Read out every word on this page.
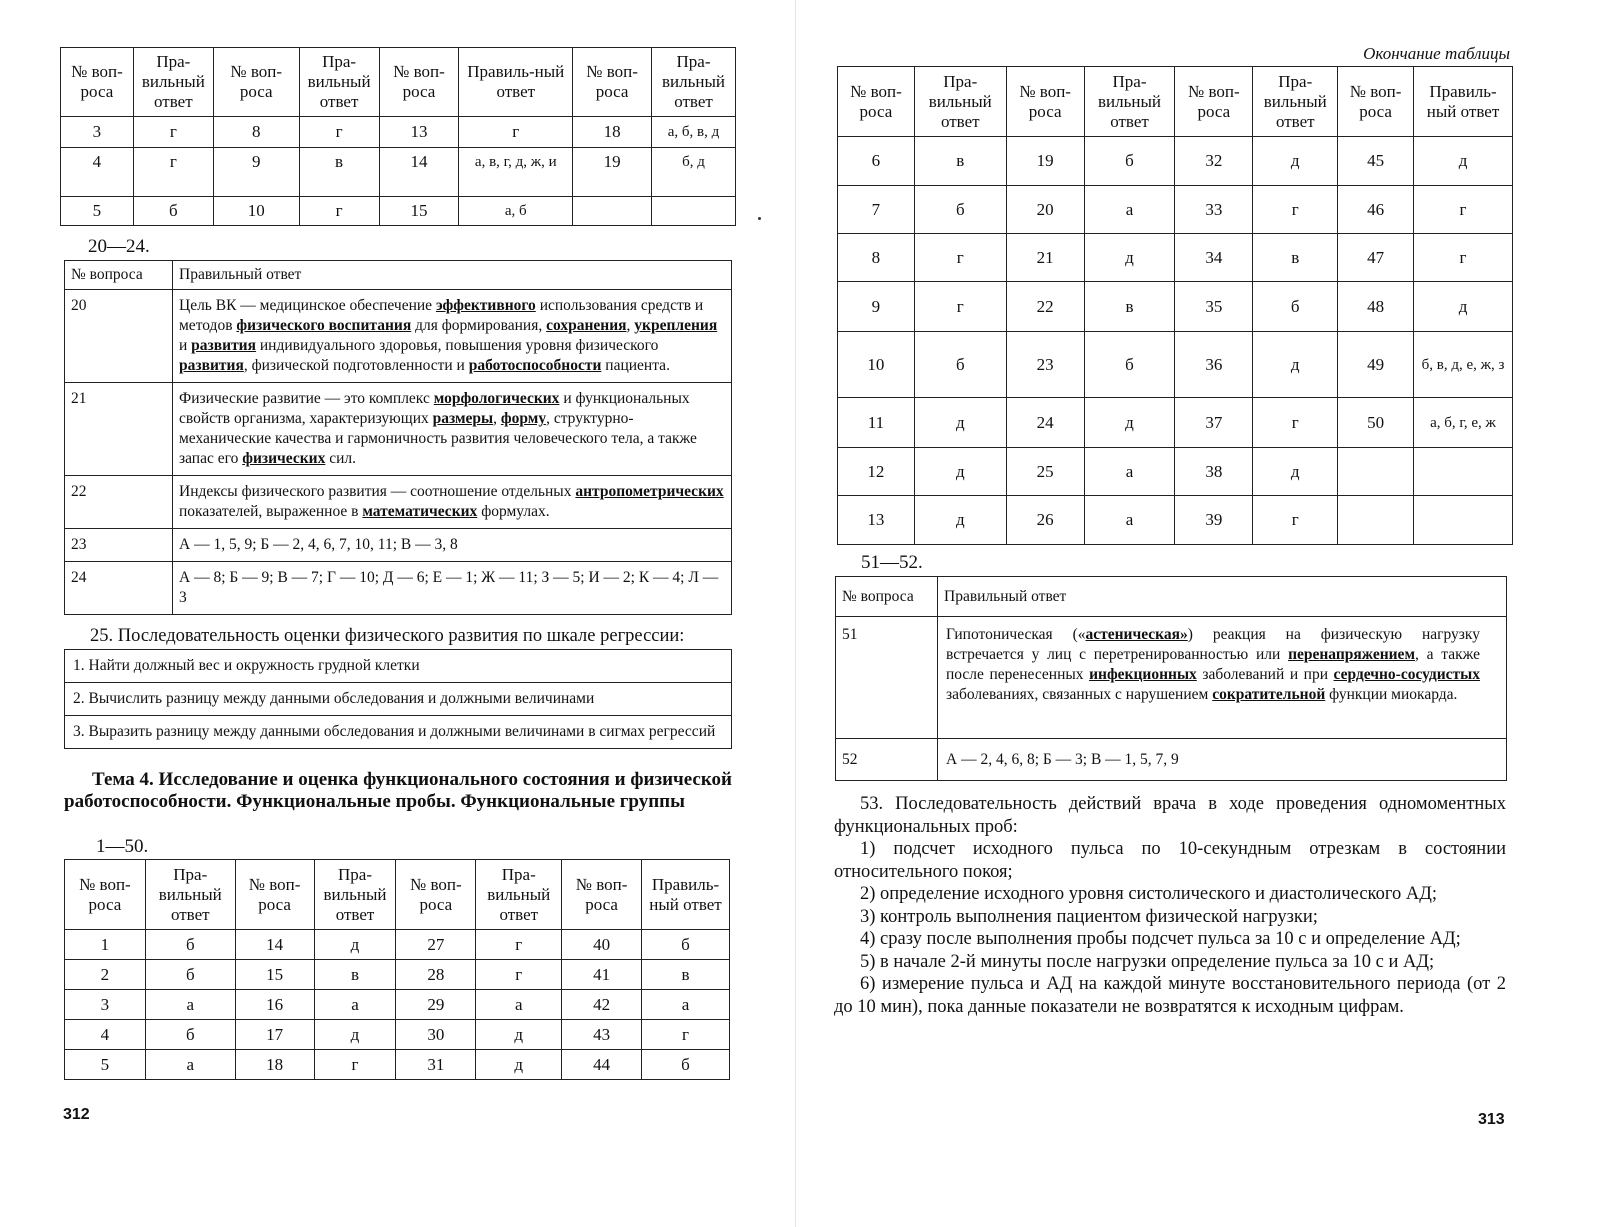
№ воп-роса	Пра-вильный ответ	№ воп-роса	Пра-вильный ответ	№ воп-роса	Правиль-ный ответ	№ воп-роса	Пра-вильный ответ
3	г	8	г	13	г	18	а, б, в, д
4	г	9	в	14	а, в, г, д, ж, и	19	б, д
5	б	10	г	15	а, б		
20—24.
№ вопроса	Правильный ответ
20	Цель ВК — медицинское обеспечение эффективного использования средств и методов физического воспитания для формирования, сохранения, укрепления и развития индивидуального здоровья, повышения уровня физического развития, физической подготовленности и работоспособности пациента.
21	Физические развитие — это комплекс морфологических и функциональных свойств организма, характеризующих размеры, форму, структурно-механические качества и гармоничность развития человеческого тела, а также запас его физических сил.
22	Индексы физического развития — соотношение отдельных антропометрических показателей, выраженное в математических формулах.
23	А — 1, 5, 9; Б — 2, 4, 6, 7, 10, 11; В — 3, 8
24	А — 8; Б — 9; В — 7; Г — 10; Д — 6; Е — 1; Ж — 11; З — 5; И — 2; К — 4; Л — 3
25. Последовательность оценки физического развития по шкале регрессии:
1. Найти должный вес и окружность грудной клетки
2. Вычислить разницу между данными обследования и должными величинами
3. Выразить разницу между данными обследования и должными величинами в сигмах регрессий
Тема 4. Исследование и оценка функционального состояния и физической работоспособности. Функциональные пробы. Функциональные группы
1—50.
№ воп-роса	Пра-вильный ответ	№ воп-роса	Пра-вильный ответ	№ воп-роса	Пра-вильный ответ	№ воп-роса	Правиль-ный ответ
1	б	14	д	27	г	40	б
2	б	15	в	28	г	41	в
3	а	16	а	29	а	42	а
4	б	17	д	30	д	43	г
5	а	18	г	31	д	44	б
312
Окончание таблицы
№ воп-роса	Пра-вильный ответ	№ воп-роса	Пра-вильный ответ	№ воп-роса	Пра-вильный ответ	№ воп-роса	Правиль-ный ответ
6	в	19	б	32	д	45	д
7	б	20	а	33	г	46	г
8	г	21	д	34	в	47	г
9	г	22	в	35	б	48	д
10	б	23	б	36	д	49	б, в, д, е, ж, з
11	д	24	д	37	г	50	а, б, г, е, ж
12	д	25	а	38	д		
13	д	26	а	39	г		
51—52.
№ вопроса	Правильный ответ
51	Гипотоническая («астеническая») реакция на физическую нагрузку встречается у лиц с перетренированностью или перенапряжением, а также после перенесенных инфекционных заболеваний и при сердечно-сосудистых заболеваниях, связанных с нарушением сократительной функции миокарда.
52	А — 2, 4, 6, 8; Б — 3; В — 1, 5, 7, 9

53. Последовательность действий врача в ходе проведения одномоментных функциональных проб:

1) подсчет исходного пульса по 10-секундным отрезкам в состоянии относительного покоя;

2) определение исходного уровня систолического и диастолического АД;

3) контроль выполнения пациентом физической нагрузки;

4) сразу после выполнения пробы подсчет пульса за 10 с и определение АД;

5) в начале 2-й минуты после нагрузки определение пульса за 10 с и АД;

6) измерение пульса и АД на каждой минуте восстановительного периода (от 2 до 10 мин), пока данные показатели не возвратятся к исходным цифрам.

313
